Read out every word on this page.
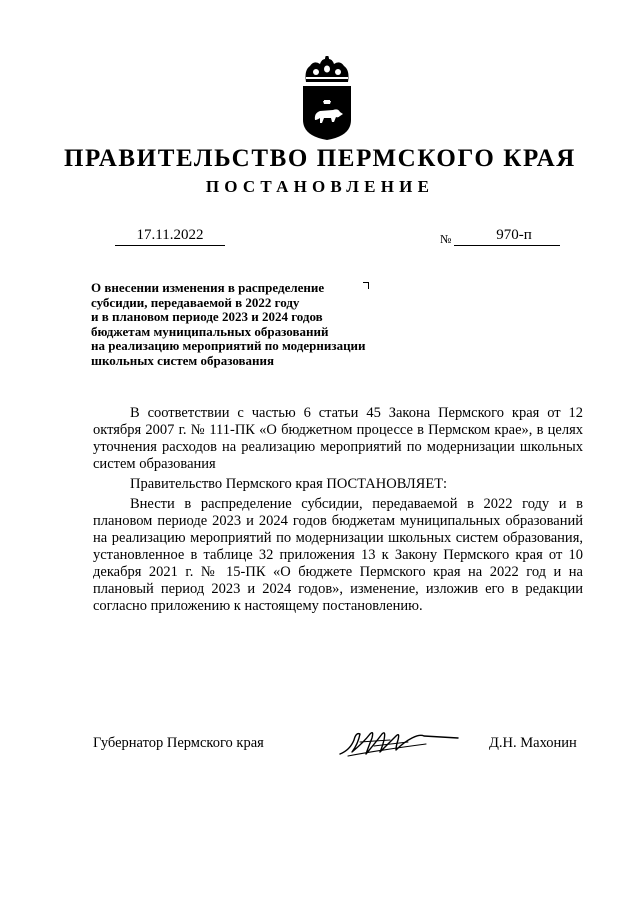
ПРАВИТЕЛЬСТВО ПЕРМСКОГО КРАЯ
ПОСТАНОВЛЕНИЕ
17.11.2022	№	970-п
О внесении изменения в распределение
субсидии, передаваемой в 2022 году
и в плановом периоде 2023 и 2024 годов
бюджетам муниципальных образований
на реализацию мероприятий по модернизации
школьных систем образования

В соответствии с частью 6 статьи 45 Закона Пермского края от 12 октября 2007 г. № 111-ПК «О бюджетном процессе в Пермском крае», в целях уточнения расходов на реализацию мероприятий по модернизации школьных систем образования

Правительство Пермского края ПОСТАНОВЛЯЕТ:

Внести в распределение субсидии, передаваемой в 2022 году и в плановом периоде 2023 и 2024 годов бюджетам муниципальных образований на реализацию мероприятий по модернизации школьных систем образования, установленное в таблице 32 приложения 13 к Закону Пермского края от 10 декабря 2021 г. № 15-ПК «О бюджете Пермского края на 2022 год и на плановый период 2023 и 2024 годов», изменение, изложив его в редакции согласно приложению к настоящему постановлению.

Губернатор Пермского края	Д.Н. Махонин
